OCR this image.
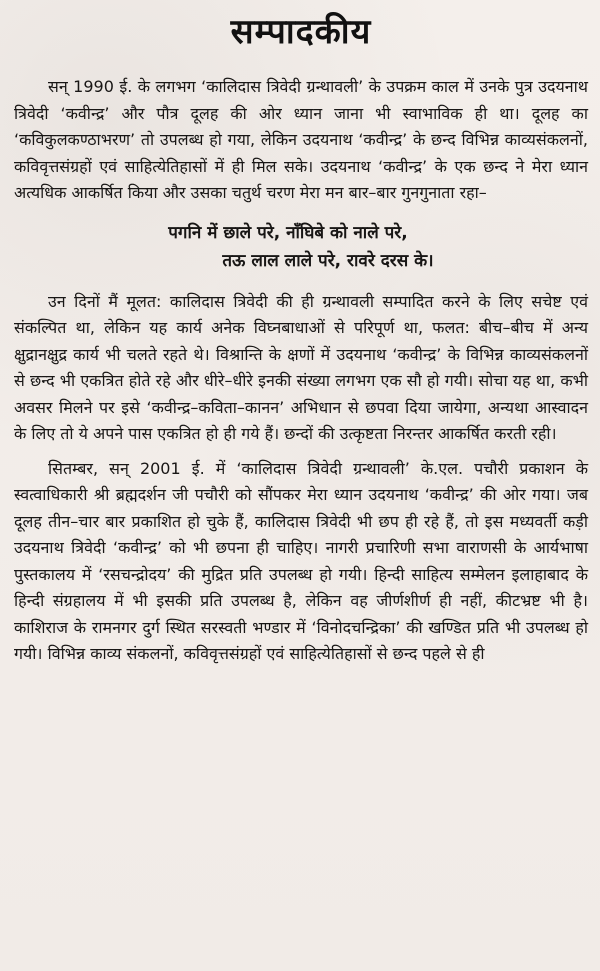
सम्पादकीय

सन् 1990 ई. के लगभग ‘कालिदास त्रिवेदी ग्रन्थावली’ के उपक्रम काल में उनके पुत्र उदयनाथ त्रिवेदी ‘कवीन्द्र’ और पौत्र दूलह की ओर ध्यान जाना भी स्वाभाविक ही था। दूलह का ‘कविकुलकण्ठाभरण’ तो उपलब्ध हो गया, लेकिन उदयनाथ ‘कवीन्द्र’ के छन्द विभिन्न काव्यसंकलनों, कविवृत्तसंग्रहों एवं साहित्येतिहासों में ही मिल सके। उदयनाथ ‘कवीन्द्र’ के एक छन्द ने मेरा ध्यान अत्यधिक आकर्षित किया और उसका चतुर्थ चरण मेरा मन बार–बार गुनगुनाता रहा–

पगनि में छाले परे, नाँघिबे को नाले परे,
तऊ लाल लाले परे, रावरे दरस के।

उन दिनों मैं मूलत: कालिदास त्रिवेदी की ही ग्रन्थावली सम्पादित करने के लिए सचेष्ट एवं संकल्पित था, लेकिन यह कार्य अनेक विघ्नबाधाओं से परिपूर्ण था, फलत: बीच–बीच में अन्य क्षुद्रानक्षुद्र कार्य भी चलते रहते थे। विश्रान्ति के क्षणों में उदयनाथ ‘कवीन्द्र’ के विभिन्न काव्यसंकलनों से छन्द भी एकत्रित होते रहे और धीरे–धीरे इनकी संख्या लगभग एक सौ हो गयी। सोचा यह था, कभी अवसर मिलने पर इसे ‘कवीन्द्र–कविता–कानन’ अभिधान से छपवा दिया जायेगा, अन्यथा आस्वादन के लिए तो ये अपने पास एकत्रित हो ही गये हैं। छन्दों की उत्कृष्टता निरन्तर आकर्षित करती रही।

सितम्बर, सन् 2001 ई. में ‘कालिदास त्रिवेदी ग्रन्थावली’ के.एल. पचौरी प्रकाशन के स्वत्वाधिकारी श्री ब्रह्मदर्शन जी पचौरी को सौंपकर मेरा ध्यान उदयनाथ ‘कवीन्द्र’ की ओर गया। जब दूलह तीन–चार बार प्रकाशित हो चुके हैं, कालिदास त्रिवेदी भी छप ही रहे हैं, तो इस मध्यवर्ती कड़ी उदयनाथ त्रिवेदी ‘कवीन्द्र’ को भी छपना ही चाहिए। नागरी प्रचारिणी सभा वाराणसी के आर्यभाषा पुस्तकालय में ‘रसचन्द्रोदय’ की मुद्रित प्रति उपलब्ध हो गयी। हिन्दी साहित्य सम्मेलन इलाहाबाद के हिन्दी संग्रहालय में भी इसकी प्रति उपलब्ध है, लेकिन वह जीर्णशीर्ण ही नहीं, कीटभ्रष्ट भी है। काशिराज के रामनगर दुर्ग स्थित सरस्वती भण्डार में ‘विनोदचन्द्रिका’ की खण्डित प्रति भी उपलब्ध हो गयी। विभिन्न काव्य संकलनों, कविवृत्तसंग्रहों एवं साहित्येतिहासों से छन्द पहले से ही
